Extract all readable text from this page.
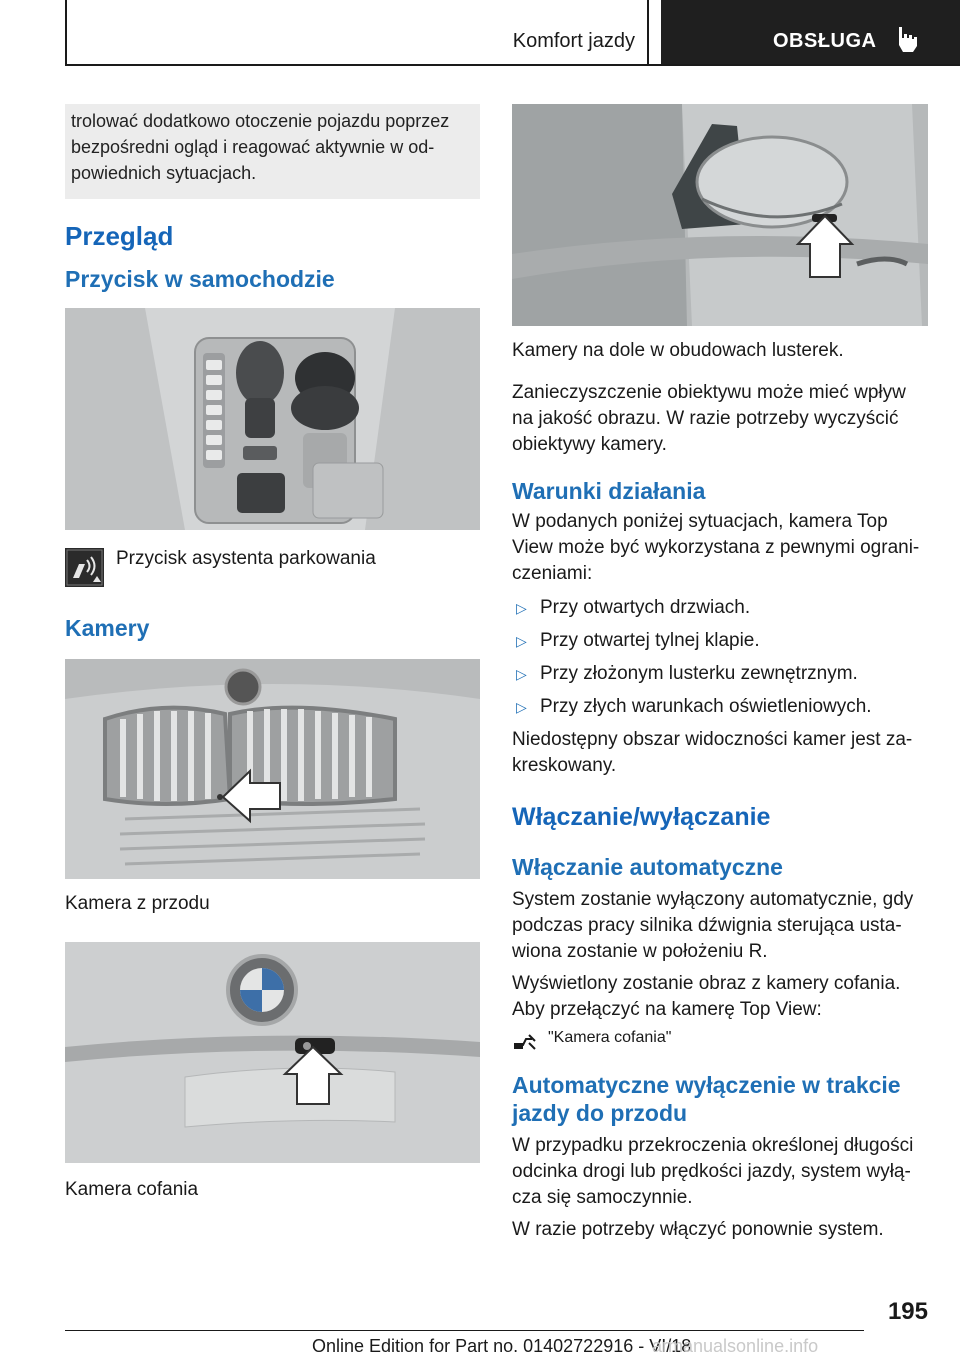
Komfort jazdy	OBSŁUGA

trolować dodatkowo otoczenie pojazdu poprzez bezpośredni ogląd i reagować aktywnie w odpowiednich sytuacjach.

Przegląd
Przycisk w samochodzie
Przycisk asystenta parkowania
Kamery

Kamera z przodu

Kamera cofania

Kamery na dole w obudowach lusterek.

Zanieczyszczenie obiektywu może mieć wpływ na jakość obrazu. W razie potrzeby wyczyścić obiektywy kamery.

Warunki działania

W podanych poniżej sytuacjach, kamera Top View może być wykorzystana z pewnymi ograniczeniami:

▷ Przy otwartych drzwiach.
▷ Przy otwartej tylnej klapie.
▷ Przy złożonym lusterku zewnętrznym.
▷ Przy złych warunkach oświetleniowych.

Niedostępny obszar widoczności kamer jest zakreskowany.

Włączanie/wyłączanie
Włączanie automatyczne

System zostanie wyłączony automatycznie, gdy podczas pracy silnika dźwignia sterująca ustawiona zostanie w położeniu R.

Wyświetlony zostanie obraz z kamery cofania. Aby przełączyć na kamerę Top View:

"Kamera cofania"
Automatyczne wyłączenie w trakcie jazdy do przodu

W przypadku przekroczenia określonej długości odcinka drogi lub prędkości jazdy, system wyłącza się samoczynnie.

W razie potrzeby włączyć ponownie system.

195
Online Edition for Part no. 01402722916 - VI/18
armanualsonline.info
